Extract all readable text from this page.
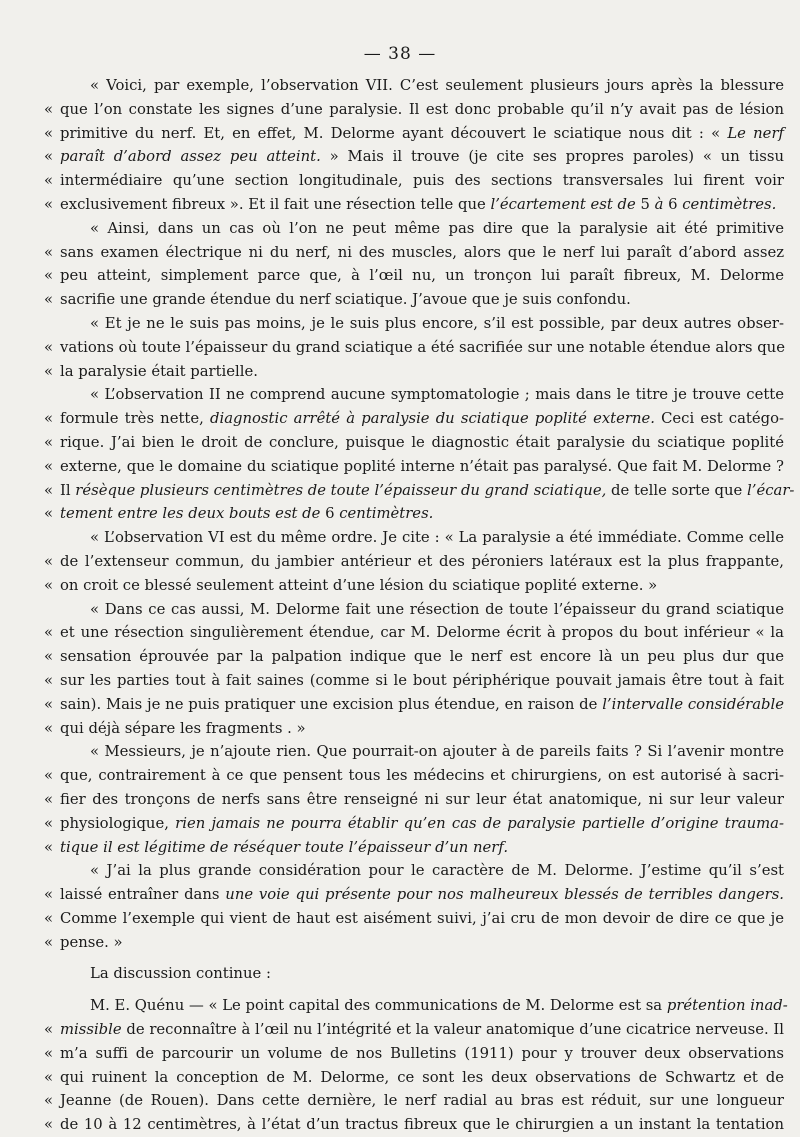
— 38 —
« Voici, par exemple, l’observation VII. C’est seulement plusieurs jours après la blessure
« que l’on constate les signes d’une paralysie. Il est donc probable qu’il n’y avait pas de lésion
« primitive du nerf. Et, en effet, M. Delorme ayant découvert le sciatique nous dit : « Le nerf
« paraît d’abord assez peu atteint. » Mais il trouve (je cite ses propres paroles) « un tissu
« intermédiaire qu’une section longitudinale, puis des sections transversales lui firent voir
« exclusivement fibreux ». Et il fait une résection telle que l’écartement est de 5 à 6 centimètres.
« Ainsi, dans un cas où l’on ne peut même pas dire que la paralysie ait été primitive
« sans examen électrique ni du nerf, ni des muscles, alors que le nerf lui paraît d’abord assez
« peu atteint, simplement parce que, à l’œil nu, un tronçon lui paraît fibreux, M. Delorme
« sacrifie une grande étendue du nerf sciatique. J’avoue que je suis confondu.
« Et je ne le suis pas moins, je le suis plus encore, s’il est possible, par deux autres obser-
« vations où toute l’épaisseur du grand sciatique a été sacrifiée sur une notable étendue alors que
« la paralysie était partielle.
« L’observation II ne comprend aucune symptomatologie ; mais dans le titre je trouve cette
« formule très nette, diagnostic arrêté à paralysie du sciatique poplité externe. Ceci est catégo-
« rique. J’ai bien le droit de conclure, puisque le diagnostic était paralysie du sciatique poplité
« externe, que le domaine du sciatique poplité interne n’était pas paralysé. Que fait M. Delorme ?
« Il résèque plusieurs centimètres de toute l’épaisseur du grand sciatique, de telle sorte que l’écar-
« tement entre les deux bouts est de 6 centimètres.
« L’observation VI est du même ordre. Je cite : « La paralysie a été immédiate. Comme celle
« de l’extenseur commun, du jambier antérieur et des péroniers latéraux est la plus frappante,
« on croit ce blessé seulement atteint d’une lésion du sciatique poplité externe. »
« Dans ce cas aussi, M. Delorme fait une résection de toute l’épaisseur du grand sciatique
« et une résection singulièrement étendue, car M. Delorme écrit à propos du bout inférieur « la
« sensation éprouvée par la palpation indique que le nerf est encore là un peu plus dur que
« sur les parties tout à fait saines (comme si le bout périphérique pouvait jamais être tout à fait
« sain). Mais je ne puis pratiquer une excision plus étendue, en raison de l’intervalle considérable
« qui déjà sépare les fragments . »
« Messieurs, je n’ajoute rien. Que pourrait-on ajouter à de pareils faits ? Si l’avenir montre
« que, contrairement à ce que pensent tous les médecins et chirurgiens, on est autorisé à sacri-
« fier des tronçons de nerfs sans être renseigné ni sur leur état anatomique, ni sur leur valeur
« physiologique, rien jamais ne pourra établir qu’en cas de paralysie partielle d’origine trauma-
« tique il est légitime de réséquer toute l’épaisseur d’un nerf.
« J’ai la plus grande considération pour le caractère de M. Delorme. J’estime qu’il s’est
« laissé entraîner dans une voie qui présente pour nos malheureux blessés de terribles dangers.
« Comme l’exemple qui vient de haut est aisément suivi, j’ai cru de mon devoir de dire ce que je
« pense. »
La discussion continue :
M. E. Quénu — « Le point capital des communications de M. Delorme est sa prétention inad-
« missible de reconnaître à l’œil nu l’intégrité et la valeur anatomique d’une cicatrice nerveuse. Il
« m’a suffi de parcourir un volume de nos Bulletins (1911) pour y trouver deux observations
« qui ruinent la conception de M. Delorme, ce sont les deux observations de Schwartz et de
« Jeanne (de Rouen). Dans cette dernière, le nerf radial au bras est réduit, sur une longueur
« de 10 à 12 centimètres, à l’état d’un tractus fibreux que le chirurgien a un instant la tentation
